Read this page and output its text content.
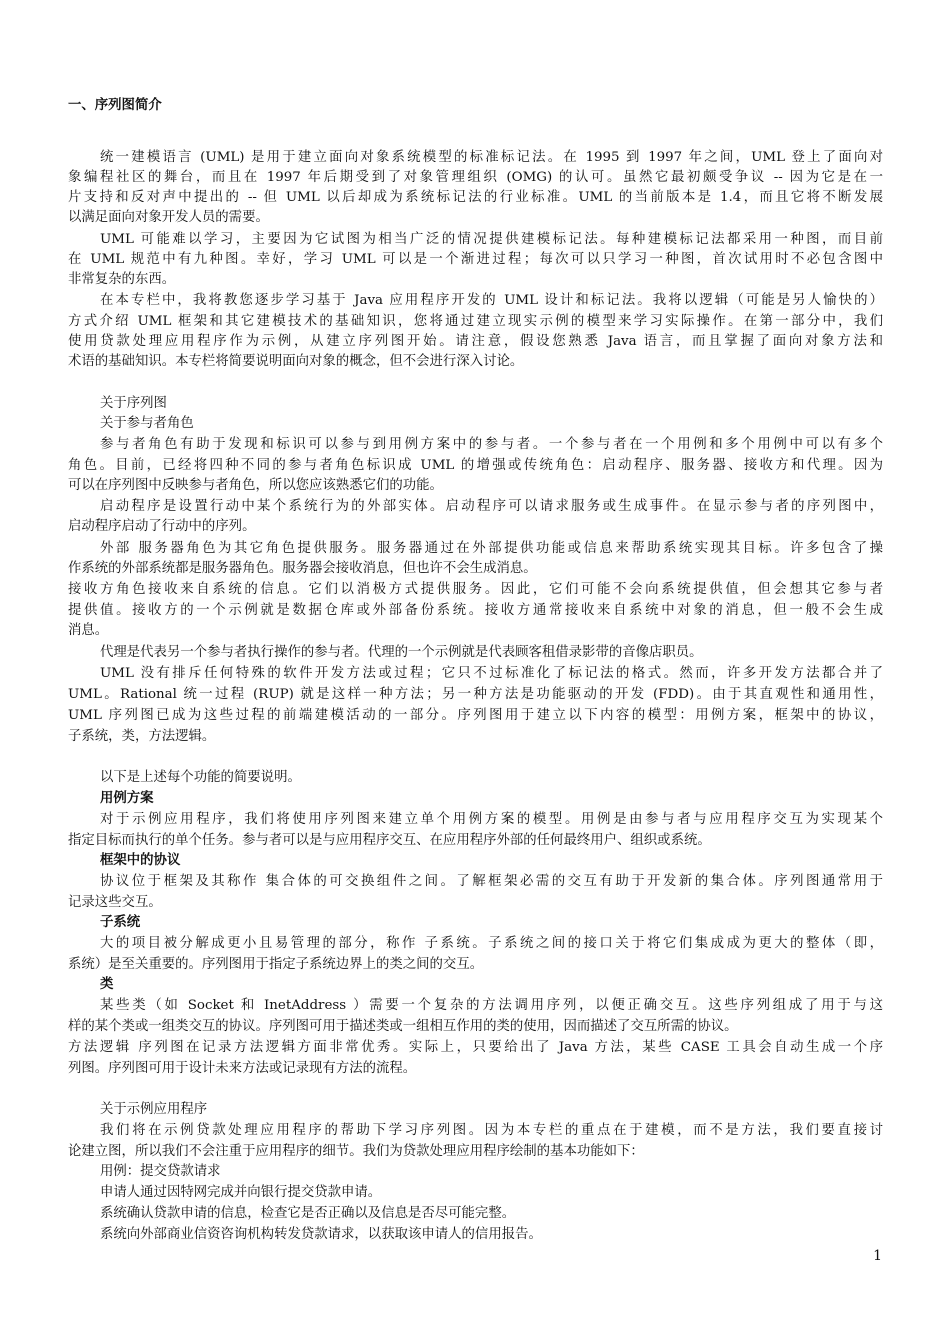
一、序列图简介
统一建模语言 (UML) 是用于建立面向对象系统模型的标准标记法。在 1995 到 1997 年之间，UML 登上了面向对
象编程社区的舞台，而且在 1997 年后期受到了对象管理组织 (OMG) 的认可。虽然它最初颇受争议 -- 因为它是在一
片支持和反对声中提出的 -- 但 UML 以后却成为系统标记法的行业标准。UML 的当前版本是 1.4，而且它将不断发展
以满足面向对象开发人员的需要。
UML 可能难以学习，主要因为它试图为相当广泛的情况提供建模标记法。每种建模标记法都采用一种图，而目前
在 UML 规范中有九种图。幸好，学习 UML 可以是一个渐进过程；每次可以只学习一种图，首次试用时不必包含图中
非常复杂的东西。
在本专栏中，我将教您逐步学习基于 Java 应用程序开发的 UML 设计和标记法。我将以逻辑（可能是另人愉快的）
方式介绍 UML 框架和其它建模技术的基础知识，您将通过建立现实示例的模型来学习实际操作。在第一部分中，我们
使用贷款处理应用程序作为示例，从建立序列图开始。请注意，假设您熟悉 Java 语言，而且掌握了面向对象方法和
术语的基础知识。本专栏将简要说明面向对象的概念，但不会进行深入讨论。
关于序列图
关于参与者角色
参与者角色有助于发现和标识可以参与到用例方案中的参与者。一个参与者在一个用例和多个用例中可以有多个
角色。目前，已经将四种不同的参与者角色标识成 UML 的增强或传统角色：启动程序、服务器、接收方和代理。因为
可以在序列图中反映参与者角色，所以您应该熟悉它们的功能。
启动程序是设置行动中某个系统行为的外部实体。启动程序可以请求服务或生成事件。在显示参与者的序列图中，
启动程序启动了行动中的序列。
外部 服务器角色为其它角色提供服务。服务器通过在外部提供功能或信息来帮助系统实现其目标。许多包含了操
作系统的外部系统都是服务器角色。服务器会接收消息，但也许不会生成消息。
接收方角色接收来自系统的信息。它们以消极方式提供服务。因此，它们可能不会向系统提供值，但会想其它参与者
提供值。接收方的一个示例就是数据仓库或外部备份系统。接收方通常接收来自系统中对象的消息，但一般不会生成
消息。
代理是代表另一个参与者执行操作的参与者。代理的一个示例就是代表顾客租借录影带的音像店职员。
UML 没有排斥任何特殊的软件开发方法或过程；它只不过标准化了标记法的格式。然而，许多开发方法都合并了
UML。Rational 统一过程 (RUP) 就是这样一种方法；另一种方法是功能驱动的开发 (FDD)。由于其直观性和通用性，
UML 序列图已成为这些过程的前端建模活动的一部分。序列图用于建立以下内容的模型：用例方案，框架中的协议，
子系统，类，方法逻辑。
以下是上述每个功能的简要说明。
用例方案
对于示例应用程序，我们将使用序列图来建立单个用例方案的模型。用例是由参与者与应用程序交互为实现某个
指定目标而执行的单个任务。参与者可以是与应用程序交互、在应用程序外部的任何最终用户、组织或系统。
框架中的协议
协议位于框架及其称作 集合体的可交换组件之间。了解框架必需的交互有助于开发新的集合体。序列图通常用于
记录这些交互。
子系统
大的项目被分解成更小且易管理的部分，称作 子系统。子系统之间的接口关于将它们集成成为更大的整体（即，
系统）是至关重要的。序列图用于指定子系统边界上的类之间的交互。
类
某些类（如 Socket 和 InetAddress ）需要一个复杂的方法调用序列，以便正确交互。这些序列组成了用于与这
样的某个类或一组类交互的协议。序列图可用于描述类或一组相互作用的类的使用，因而描述了交互所需的协议。
方法逻辑 序列图在记录方法逻辑方面非常优秀。实际上，只要给出了 Java 方法，某些 CASE 工具会自动生成一个序
列图。序列图可用于设计未来方法或记录现有方法的流程。
关于示例应用程序
我们将在示例贷款处理应用程序的帮助下学习序列图。因为本专栏的重点在于建模，而不是方法，我们要直接讨
论建立图，所以我们不会注重于应用程序的细节。我们为贷款处理应用程序绘制的基本功能如下：
用例：提交贷款请求
申请人通过因特网完成并向银行提交贷款申请。
系统确认贷款申请的信息，检查它是否正确以及信息是否尽可能完整。
系统向外部商业信资咨询机构转发贷款请求，以获取该申请人的信用报告。
1
